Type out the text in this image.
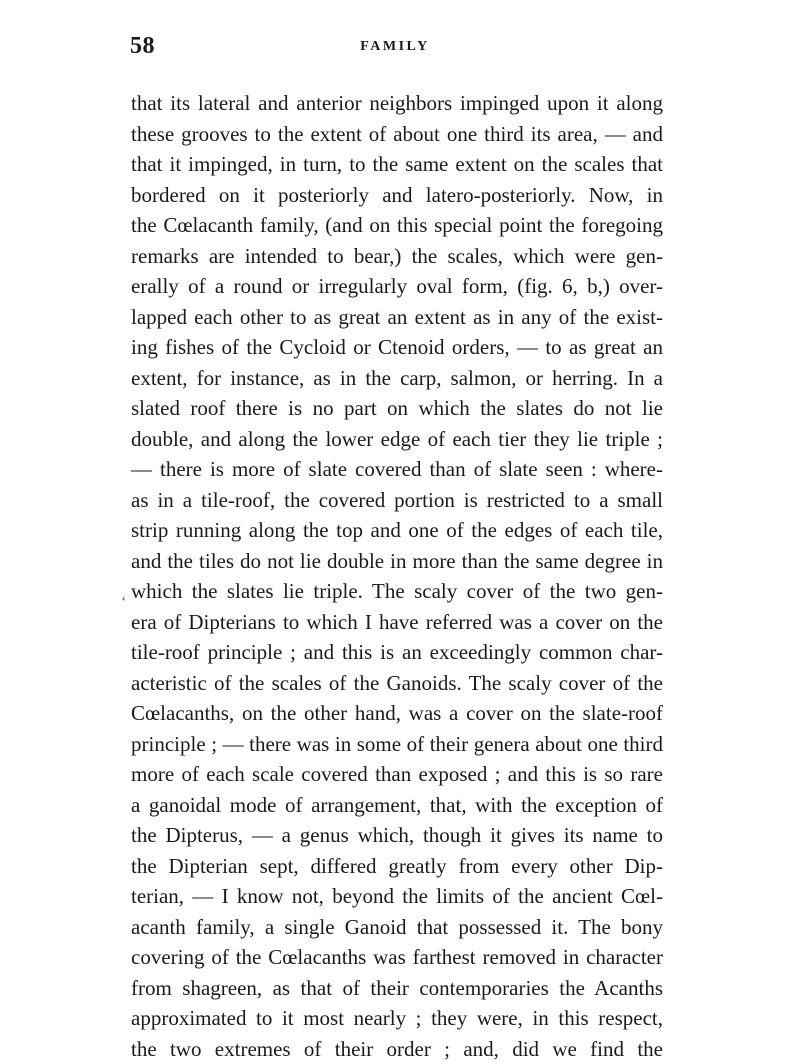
58	FAMILY
ʻ
that its lateral and anterior neighbors impinged upon it along
these grooves to the extent of about one third its area, — and
that it impinged, in turn, to the same extent on the scales that
bordered on it posteriorly and latero-posteriorly. Now, in
the Cœlacanth family, (and on this special point the foregoing
remarks are intended to bear,) the scales, which were gen-
erally of a round or irregularly oval form, (fig. 6, b,) over-
lapped each other to as great an extent as in any of the exist-
ing fishes of the Cycloid or Ctenoid orders, — to as great an
extent, for instance, as in the carp, salmon, or herring. In a
slated roof there is no part on which the slates do not lie
double, and along the lower edge of each tier they lie triple ;
— there is more of slate covered than of slate seen : where-
as in a tile-roof, the covered portion is restricted to a small
strip running along the top and one of the edges of each tile,
and the tiles do not lie double in more than the same degree in
which the slates lie triple. The scaly cover of the two gen-
era of Dipterians to which I have referred was a cover on the
tile-roof principle ; and this is an exceedingly common char-
acteristic of the scales of the Ganoids. The scaly cover of the
Cœlacanths, on the other hand, was a cover on the slate-roof
principle ; — there was in some of their genera about one third
more of each scale covered than exposed ; and this is so rare
a ganoidal mode of arrangement, that, with the exception of
the Dipterus, — a genus which, though it gives its name to
the Dipterian sept, differed greatly from every other Dip-
terian, — I know not, beyond the limits of the ancient Cœl-
acanth family, a single Ganoid that possessed it. The bony
covering of the Cœlacanths was farthest removed in character
from shagreen, as that of their contemporaries the Acanths
approximated to it most nearly ; they were, in this respect,
the two extremes of their order ; and, did we find the
